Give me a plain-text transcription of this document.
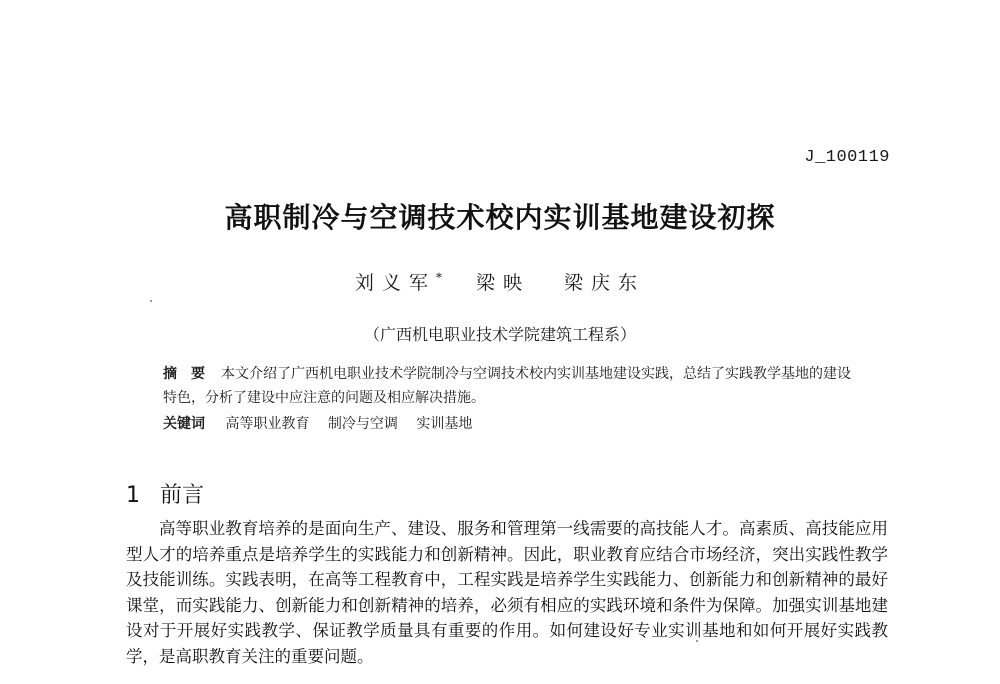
J_100119
高职制冷与空调技术校内实训基地建设初探
刘义军* 梁映 梁庆东
（广西机电职业技术学院建筑工程系）
摘要 本文介绍了广西机电职业技术学院制冷与空调技术校内实训基地建设实践，总结了实践教学基地的建设特色，分析了建设中应注意的问题及相应解决措施。
关键词 高等职业教育 制冷与空调 实训基地
1 前言
高等职业教育培养的是面向生产、建设、服务和管理第一线需要的高技能人才。高素质、高技能应用型人才的培养重点是培养学生的实践能力和创新精神。因此，职业教育应结合市场经济，突出实践性教学及技能训练。实践表明，在高等工程教育中，工程实践是培养学生实践能力、创新能力和创新精神的最好课堂，而实践能力、创新能力和创新精神的培养，必须有相应的实践环境和条件为保障。加强实训基地建设对于开展好实践教学、保证教学质量具有重要的作用。如何建设好专业实训基地和如何开展好实践教学，是高职教育关注的重要问题。
